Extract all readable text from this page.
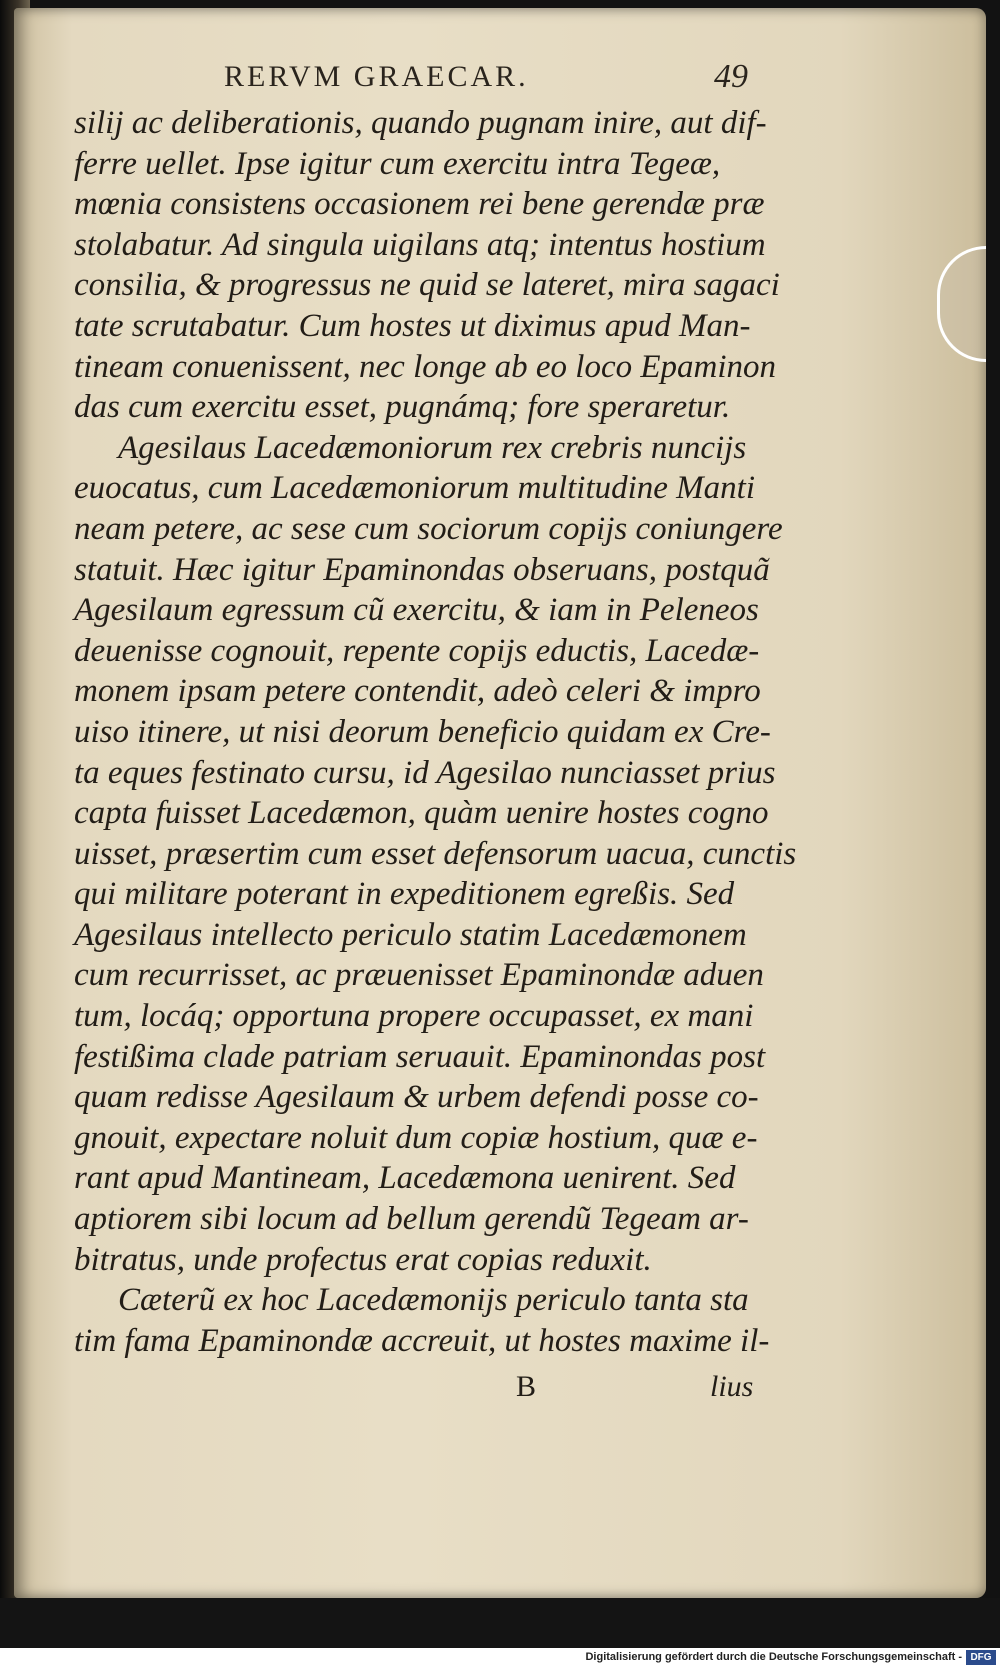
RERVM GRAECAR.	49
silij ac deliberationis, quando pugnam inire, aut dif-
ferre uellet. Ipse igitur cum exercitu intra Tegeæ,
mœnia consistens occasionem rei bene gerendæ præ
stolabatur. Ad singula uigilans atq; intentus hostium
consilia, & progressus ne quid se lateret, mira sagaci
tate scrutabatur. Cum hostes ut diximus apud Man-
tineam conuenissent, nec longe ab eo loco Epaminon
das cum exercitu esset, pugnámq; fore speraretur.
Agesilaus Lacedæmoniorum rex crebris nuncijs
euocatus, cum Lacedæmoniorum multitudine Manti
neam petere, ac sese cum sociorum copijs coniungere
statuit. Hæc igitur Epaminondas obseruans, postquã
Agesilaum egressum cũ exercitu, & iam in Peleneos
deuenisse cognouit, repente copijs eductis, Lacedæ-
monem ipsam petere contendit, adeò celeri & impro
uiso itinere, ut nisi deorum beneficio quidam ex Cre-
ta eques festinato cursu, id Agesilao nunciasset prius
capta fuisset Lacedæmon, quàm uenire hostes cogno
uisset, præsertim cum esset defensorum uacua, cunctis
qui militare poterant in expeditionem egreßis. Sed
Agesilaus intellecto periculo statim Lacedæmonem
cum recurrisset, ac præuenisset Epaminondæ aduen
tum, locáq; opportuna propere occupasset, ex mani
festißima clade patriam seruauit. Epaminondas post
quam redisse Agesilaum & urbem defendi posse co-
gnouit, expectare noluit dum copiæ hostium, quæ e-
rant apud Mantineam, Lacedæmona uenirent. Sed
aptiorem sibi locum ad bellum gerendũ Tegeam ar-
bitratus, unde profectus erat copias reduxit.
Cæterũ ex hoc Lacedæmonijs periculo tanta sta
tim fama Epaminondæ accreuit, ut hostes maxime il-
B	lius
Digitalisierung gefördert durch die Deutsche Forschungsgemeinschaft - DFG
